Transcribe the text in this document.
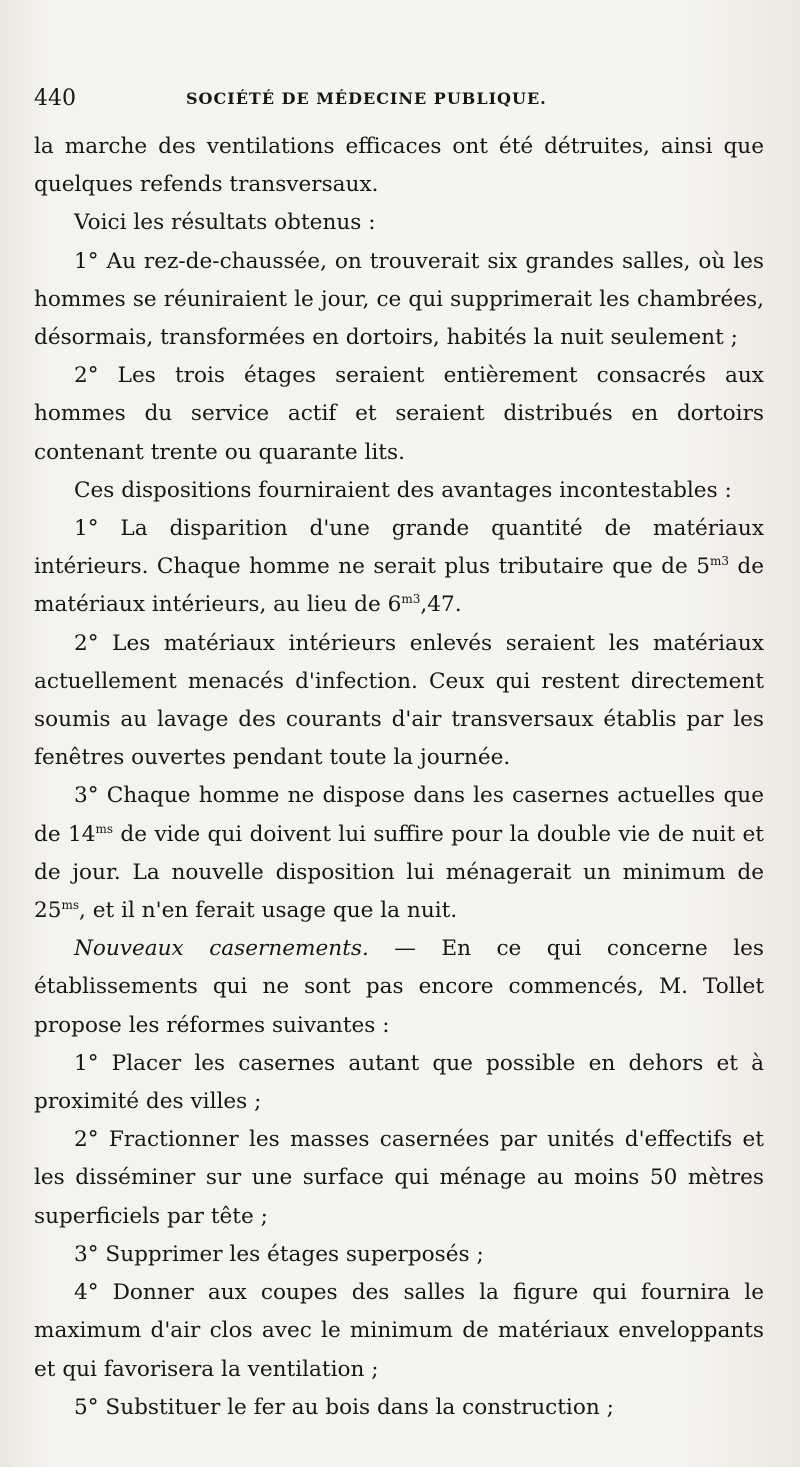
440	SOCIÉTÉ DE MÉDECINE PUBLIQUE.

la marche des ventilations efficaces ont été détruites, ainsi que quelques refends transversaux.

Voici les résultats obtenus :

1° Au rez-de-chaussée, on trouverait six grandes salles, où les hommes se réuniraient le jour, ce qui supprimerait les chambrées, désormais, transformées en dortoirs, habités la nuit seulement ;

2° Les trois étages seraient entièrement consacrés aux hommes du service actif et seraient distribués en dortoirs contenant trente ou quarante lits.

Ces dispositions fourniraient des avantages incontestables :

1° La disparition d'une grande quantité de matériaux intérieurs. Chaque homme ne serait plus tributaire que de $5^{m3}$ de matériaux intérieurs, au lieu de $6^{m3},47$.

2° Les matériaux intérieurs enlevés seraient les matériaux actuellement menacés d'infection. Ceux qui restent directement soumis au lavage des courants d'air transversaux établis par les fenêtres ouvertes pendant toute la journée.

3° Chaque homme ne dispose dans les casernes actuelles que de $14^{ms}$ de vide qui doivent lui suffire pour la double vie de nuit et de jour. La nouvelle disposition lui ménagerait un minimum de $25^{ms}$, et il n'en ferait usage que la nuit.

Nouveaux casernements. — En ce qui concerne les établissements qui ne sont pas encore commencés, M. Tollet propose les réformes suivantes :

1° Placer les casernes autant que possible en dehors et à proximité des villes ;

2° Fractionner les masses casernées par unités d'effectifs et les disséminer sur une surface qui ménage au moins 50 mètres superficiels par tête ;

3° Supprimer les étages superposés ;

4° Donner aux coupes des salles la figure qui fournira le maximum d'air clos avec le minimum de matériaux enveloppants et qui favorisera la ventilation ;

5° Substituer le fer au bois dans la construction ;
